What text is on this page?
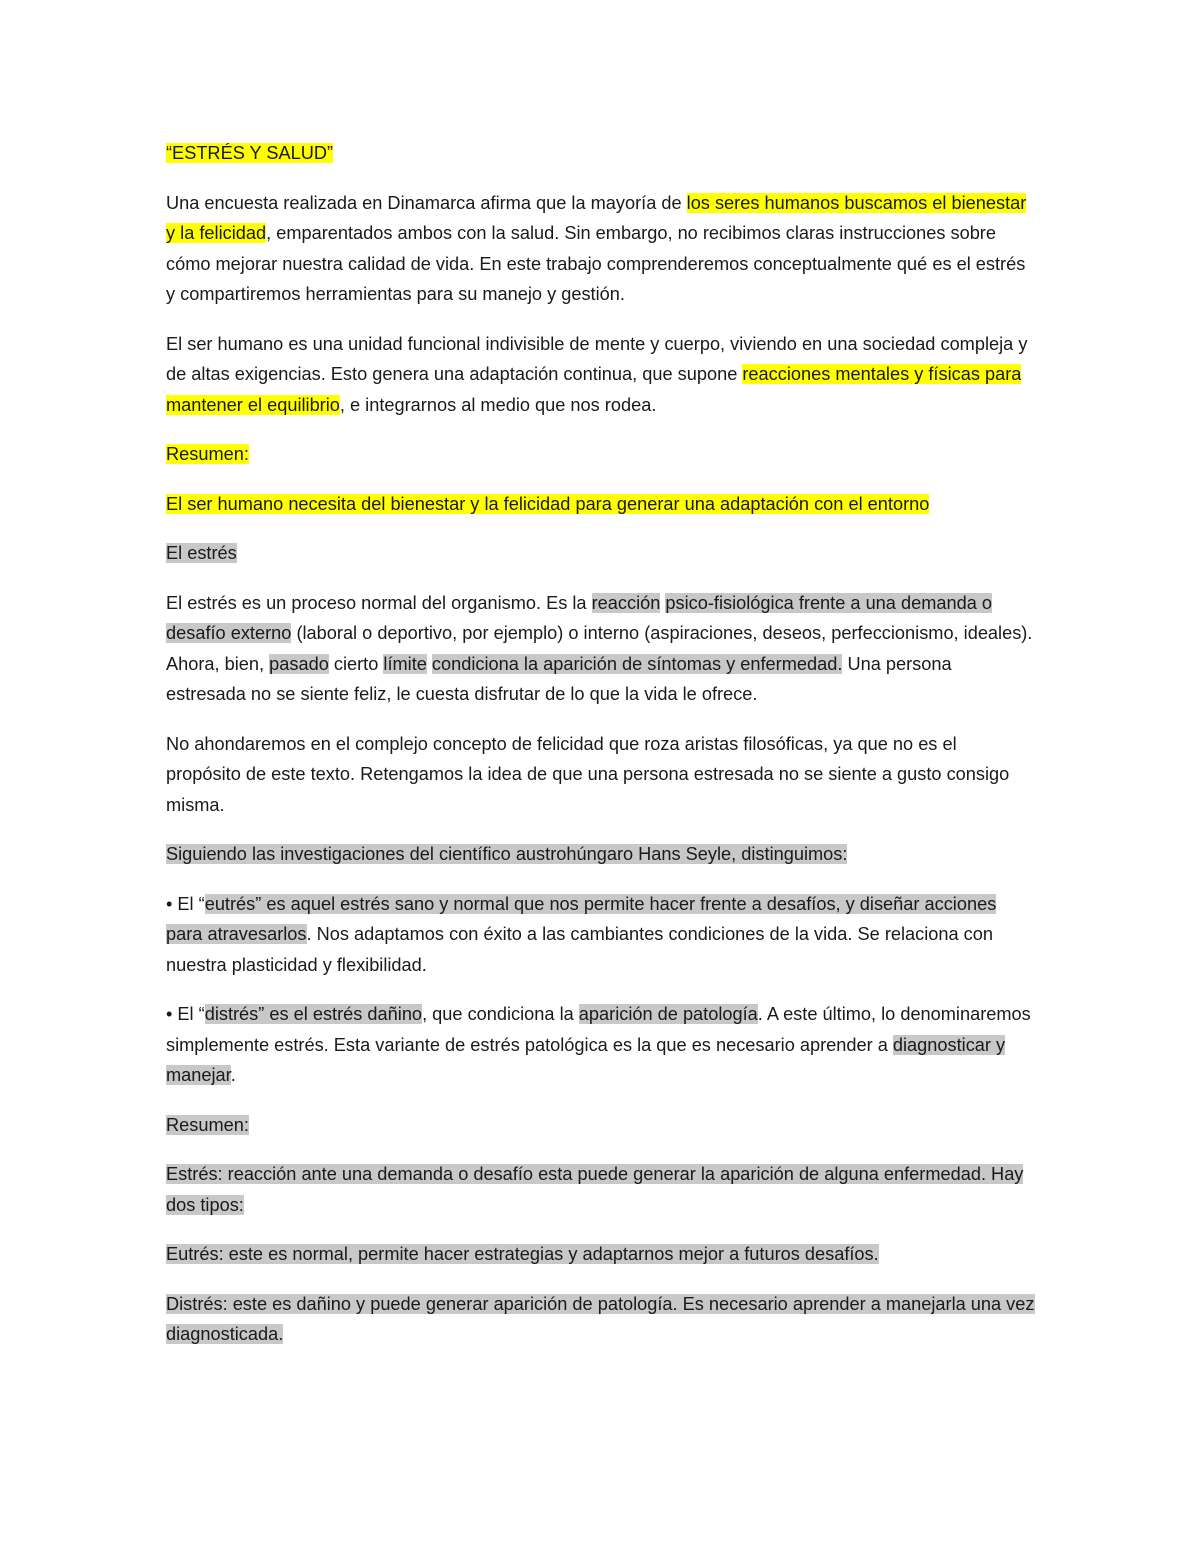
“ESTRÉS Y SALUD”

Una encuesta realizada en Dinamarca afirma que la mayoría de los seres humanos buscamos el bienestar y la felicidad, emparentados ambos con la salud. Sin embargo, no recibimos claras instrucciones sobre cómo mejorar nuestra calidad de vida. En este trabajo comprenderemos conceptualmente qué es el estrés y compartiremos herramientas para su manejo y gestión.

El ser humano es una unidad funcional indivisible de mente y cuerpo, viviendo en una sociedad compleja y de altas exigencias. Esto genera una adaptación continua, que supone reacciones mentales y físicas para mantener el equilibrio, e integrarnos al medio que nos rodea.

Resumen:

El ser humano necesita del bienestar y la felicidad para generar una adaptación con el entorno

El estrés

El estrés es un proceso normal del organismo. Es la reacción psico-fisiológica frente a una demanda o desafío externo (laboral o deportivo, por ejemplo) o interno (aspiraciones, deseos, perfeccionismo, ideales). Ahora, bien, pasado cierto límite condiciona la aparición de síntomas y enfermedad. Una persona estresada no se siente feliz, le cuesta disfrutar de lo que la vida le ofrece.

No ahondaremos en el complejo concepto de felicidad que roza aristas filosóficas, ya que no es el propósito de este texto. Retengamos la idea de que una persona estresada no se siente a gusto consigo misma.

Siguiendo las investigaciones del científico austrohúngaro Hans Seyle, distinguimos:

• El “eutrés” es aquel estrés sano y normal que nos permite hacer frente a desafíos, y diseñar acciones para atravesarlos. Nos adaptamos con éxito a las cambiantes condiciones de la vida. Se relaciona con nuestra plasticidad y flexibilidad.

• El “distrés” es el estrés dañino, que condiciona la aparición de patología. A este último, lo denominaremos simplemente estrés. Esta variante de estrés patológica es la que es necesario aprender a diagnosticar y manejar.

Resumen:

Estrés: reacción ante una demanda o desafío esta puede generar la aparición de alguna enfermedad. Hay dos tipos:

Eutrés: este es normal, permite hacer estrategias y adaptarnos mejor a futuros desafíos.

Distrés: este es dañino y puede generar aparición de patología. Es necesario aprender a manejarla una vez diagnosticada.
